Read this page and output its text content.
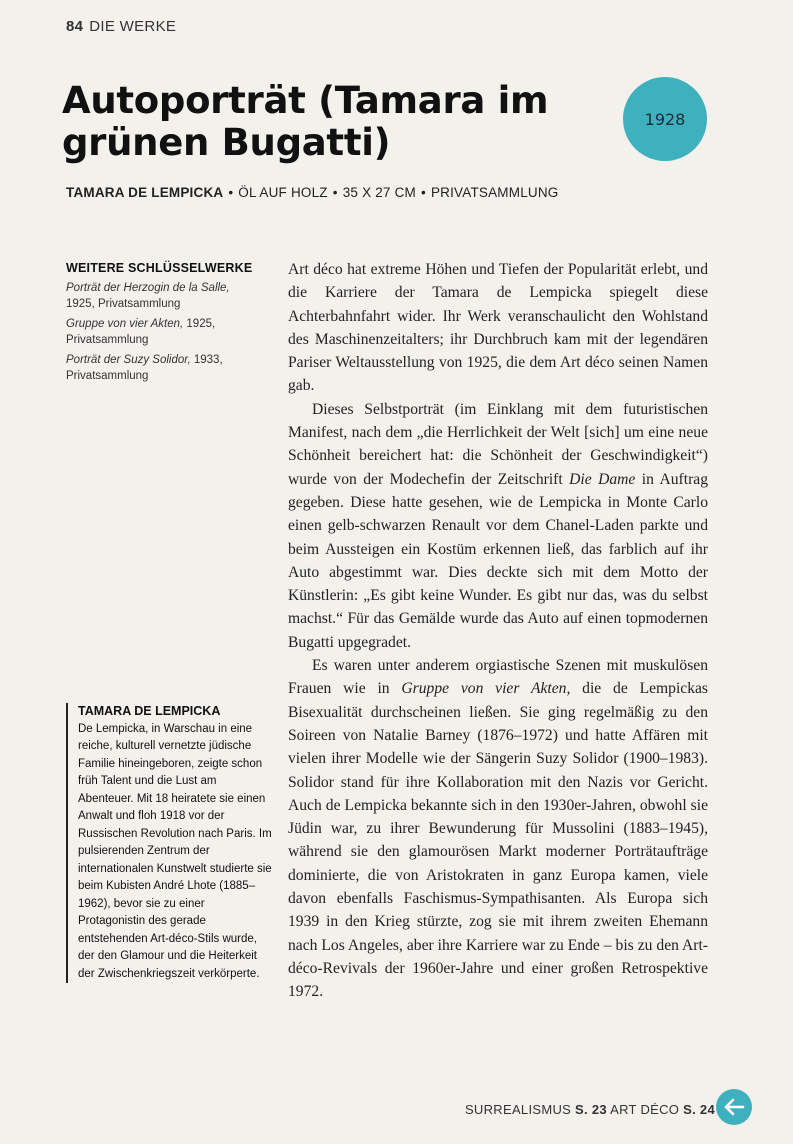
84 DIE WERKE
Autoporträt (Tamara im grünen Bugatti)
1928
TAMARA DE LEMPICKA • ÖL AUF HOLZ • 35 X 27 CM • PRIVATSAMMLUNG
WEITERE SCHLÜSSELWERKE
Porträt der Herzogin de la Salle, 1925, Privatsammlung
Gruppe von vier Akten, 1925, Privatsammlung
Porträt der Suzy Solidor, 1933, Privatsammlung
TAMARA DE LEMPICKA

De Lempicka, in Warschau in eine reiche, kulturell vernetzte jüdische Familie hineingeboren, zeigte schon früh Talent und die Lust am Abenteuer. Mit 18 heiratete sie einen Anwalt und floh 1918 vor der Russischen Revolution nach Paris. Im pulsierenden Zentrum der internationalen Kunstwelt studierte sie beim Kubisten André Lhote (1885–1962), bevor sie zu einer Protagonistin des gerade entstehenden Art-déco-Stils wurde, der den Glamour und die Heiterkeit der Zwischenkriegszeit verkörperte.

Art déco hat extreme Höhen und Tiefen der Popularität erlebt, und die Karriere der Tamara de Lempicka spiegelt diese Achterbahnfahrt wider. Ihr Werk veranschaulicht den Wohlstand des Maschinenzeitalters; ihr Durchbruch kam mit der legendären Pariser Weltausstellung von 1925, die dem Art déco seinen Namen gab.

Dieses Selbstporträt (im Einklang mit dem futuristischen Manifest, nach dem „die Herrlichkeit der Welt [sich] um eine neue Schönheit bereichert hat: die Schönheit der Geschwindigkeit“) wurde von der Modechefin der Zeitschrift Die Dame in Auftrag gegeben. Diese hatte gesehen, wie de Lempicka in Monte Carlo einen gelb-schwarzen Renault vor dem Chanel-Laden parkte und beim Aussteigen ein Kostüm erkennen ließ, das farblich auf ihr Auto abgestimmt war. Dies deckte sich mit dem Motto der Künstlerin: „Es gibt keine Wunder. Es gibt nur das, was du selbst machst.“ Für das Gemälde wurde das Auto auf einen topmodernen Bugatti upgegradet.

Es waren unter anderem orgiastische Szenen mit muskulösen Frauen wie in Gruppe von vier Akten, die de Lempickas Bisexualität durchscheinen ließen. Sie ging regelmäßig zu den Soireen von Natalie Barney (1876–1972) und hatte Affären mit vielen ihrer Modelle wie der Sängerin Suzy Solidor (1900–1983). Solidor stand für ihre Kollaboration mit den Nazis vor Gericht. Auch de Lempicka bekannte sich in den 1930er-Jahren, obwohl sie Jüdin war, zu ihrer Bewunderung für Mussolini (1883–1945), während sie den glamourösen Markt moderner Porträtaufträge dominierte, die von Aristokraten in ganz Europa kamen, viele davon ebenfalls Faschismus-Sympathisanten. Als Europa sich 1939 in den Krieg stürzte, zog sie mit ihrem zweiten Ehemann nach Los Angeles, aber ihre Karriere war zu Ende – bis zu den Art-déco-Revivals der 1960er-Jahre und einer großen Retrospektive 1972.

SURREALISMUS S. 23 ART DÉCO S. 24
